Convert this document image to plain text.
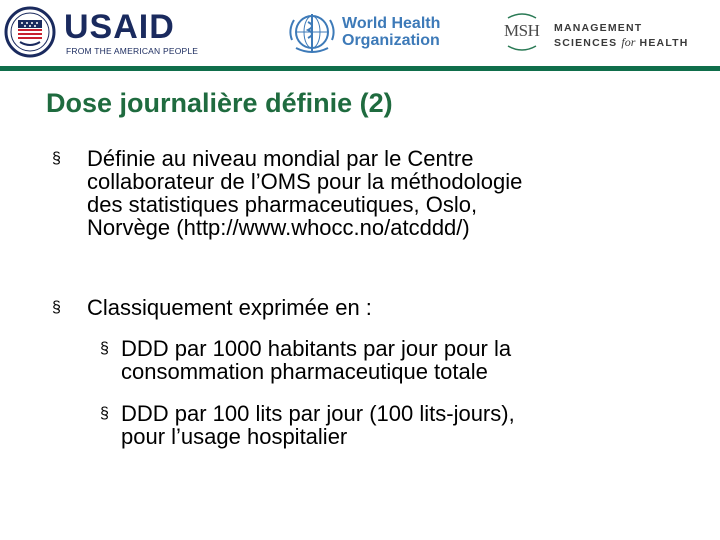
USAID
FROM THE AMERICAN PEOPLE
World Health
Organization
MSH MANAGEMENT
SCIENCES for HEALTH
Dose journalière définie (2)
§ Définie au niveau mondial par le Centre
collaborateur de l’OMS pour la méthodologie
des statistiques pharmaceutiques, Oslo,
Norvège (http://www.whocc.no/atcddd/)
§ Classiquement exprimée en :
§ DDD par 1000 habitants par jour pour la
consommation pharmaceutique totale
§ DDD par 100 lits par jour (100 lits-jours),
pour l’usage hospitalier
